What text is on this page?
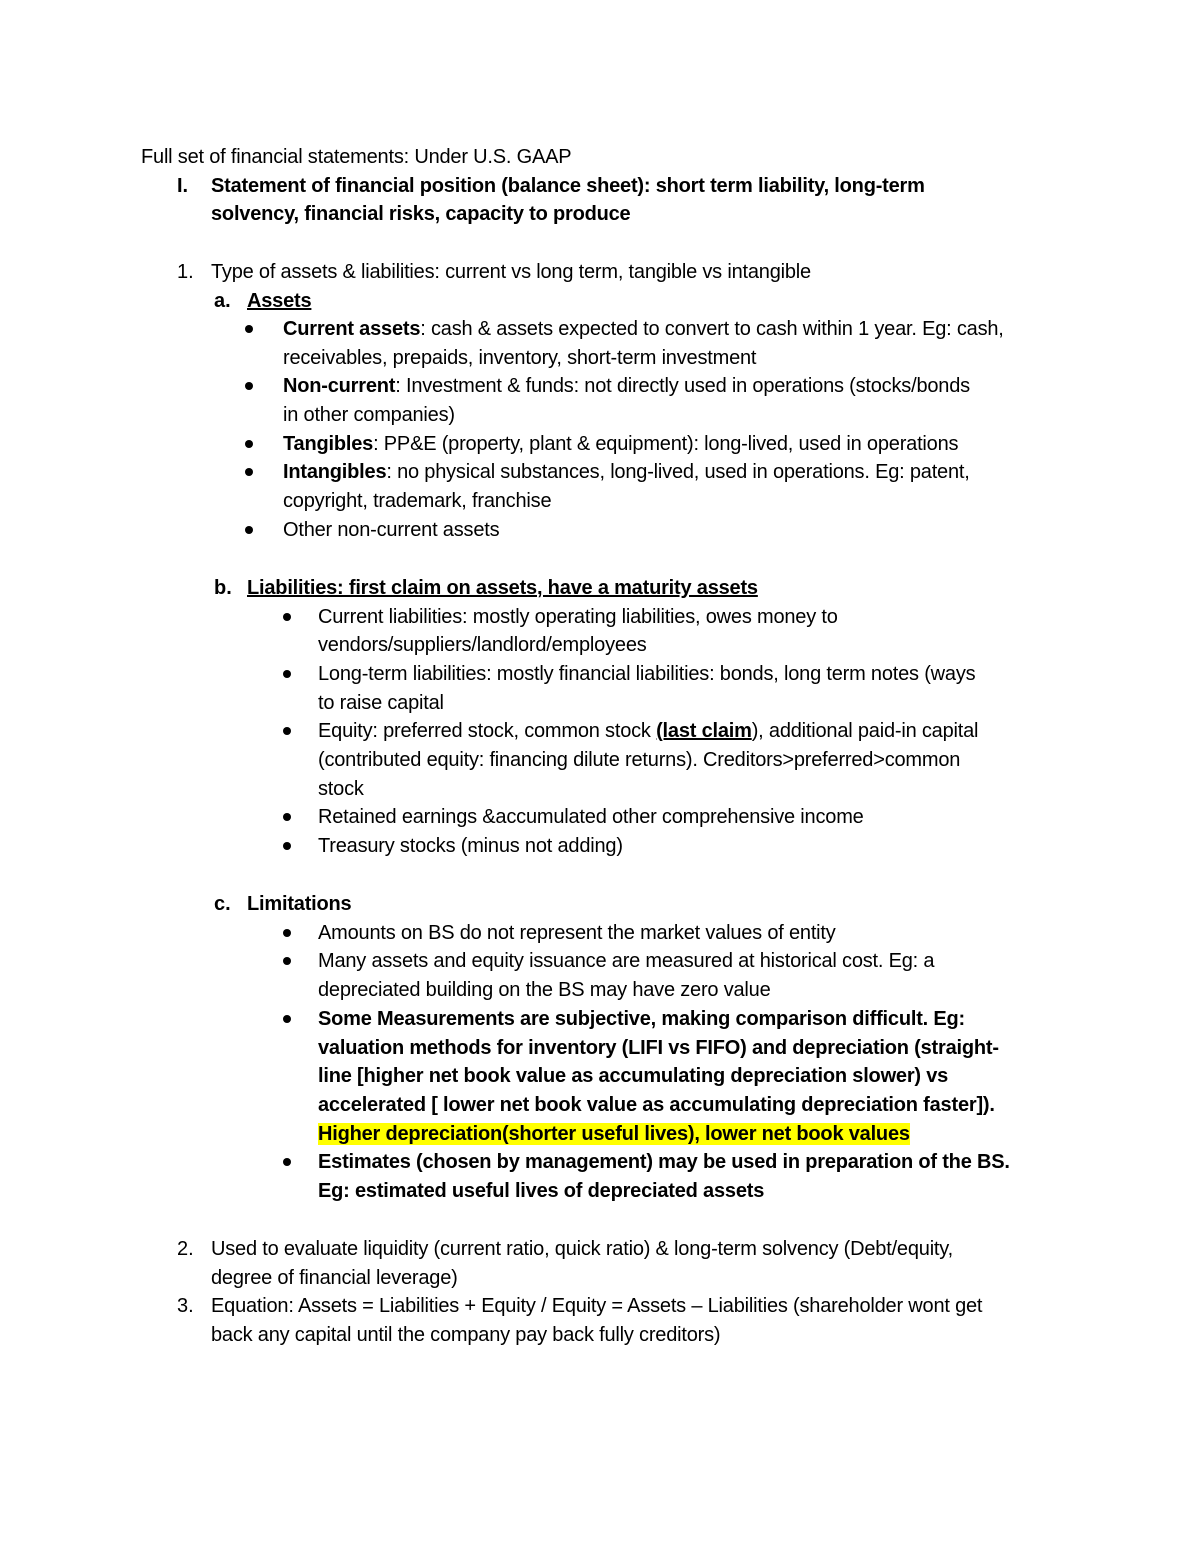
Full set of financial statements: Under U.S. GAAP
I. Statement of financial position (balance sheet): short term liability, long-term
solvency, financial risks, capacity to produce
1. Type of assets & liabilities: current vs long term, tangible vs intangible
a. Assets
Current assets: cash & assets expected to convert to cash within 1 year. Eg: cash,
receivables, prepaids, inventory, short-term investment
Non-current: Investment & funds: not directly used in operations (stocks/bonds
in other companies)
Tangibles: PP&E (property, plant & equipment): long-lived, used in operations
Intangibles: no physical substances, long-lived, used in operations. Eg: patent,
copyright, trademark, franchise
Other non-current assets
b. Liabilities: first claim on assets, have a maturity assets
Current liabilities: mostly operating liabilities, owes money to
vendors/suppliers/landlord/employees
Long-term liabilities: mostly financial liabilities: bonds, long term notes (ways
to raise capital
Equity: preferred stock, common stock (last claim), additional paid-in capital
(contributed equity: financing dilute returns). Creditors>preferred>common
stock
Retained earnings &accumulated other comprehensive income
Treasury stocks (minus not adding)
c. Limitations
Amounts on BS do not represent the market values of entity
Many assets and equity issuance are measured at historical cost. Eg: a
depreciated building on the BS may have zero value
Some Measurements are subjective, making comparison difficult. Eg:
valuation methods for inventory (LIFI vs FIFO) and depreciation (straight-
line [higher net book value as accumulating depreciation slower) vs
accelerated [ lower net book value as accumulating depreciation faster]).
Higher depreciation(shorter useful lives), lower net book values
Estimates (chosen by management) may be used in preparation of the BS.
Eg: estimated useful lives of depreciated assets
2. Used to evaluate liquidity (current ratio, quick ratio) & long-term solvency (Debt/equity,
degree of financial leverage)
3. Equation: Assets = Liabilities + Equity / Equity = Assets – Liabilities (shareholder wont get
back any capital until the company pay back fully creditors)
